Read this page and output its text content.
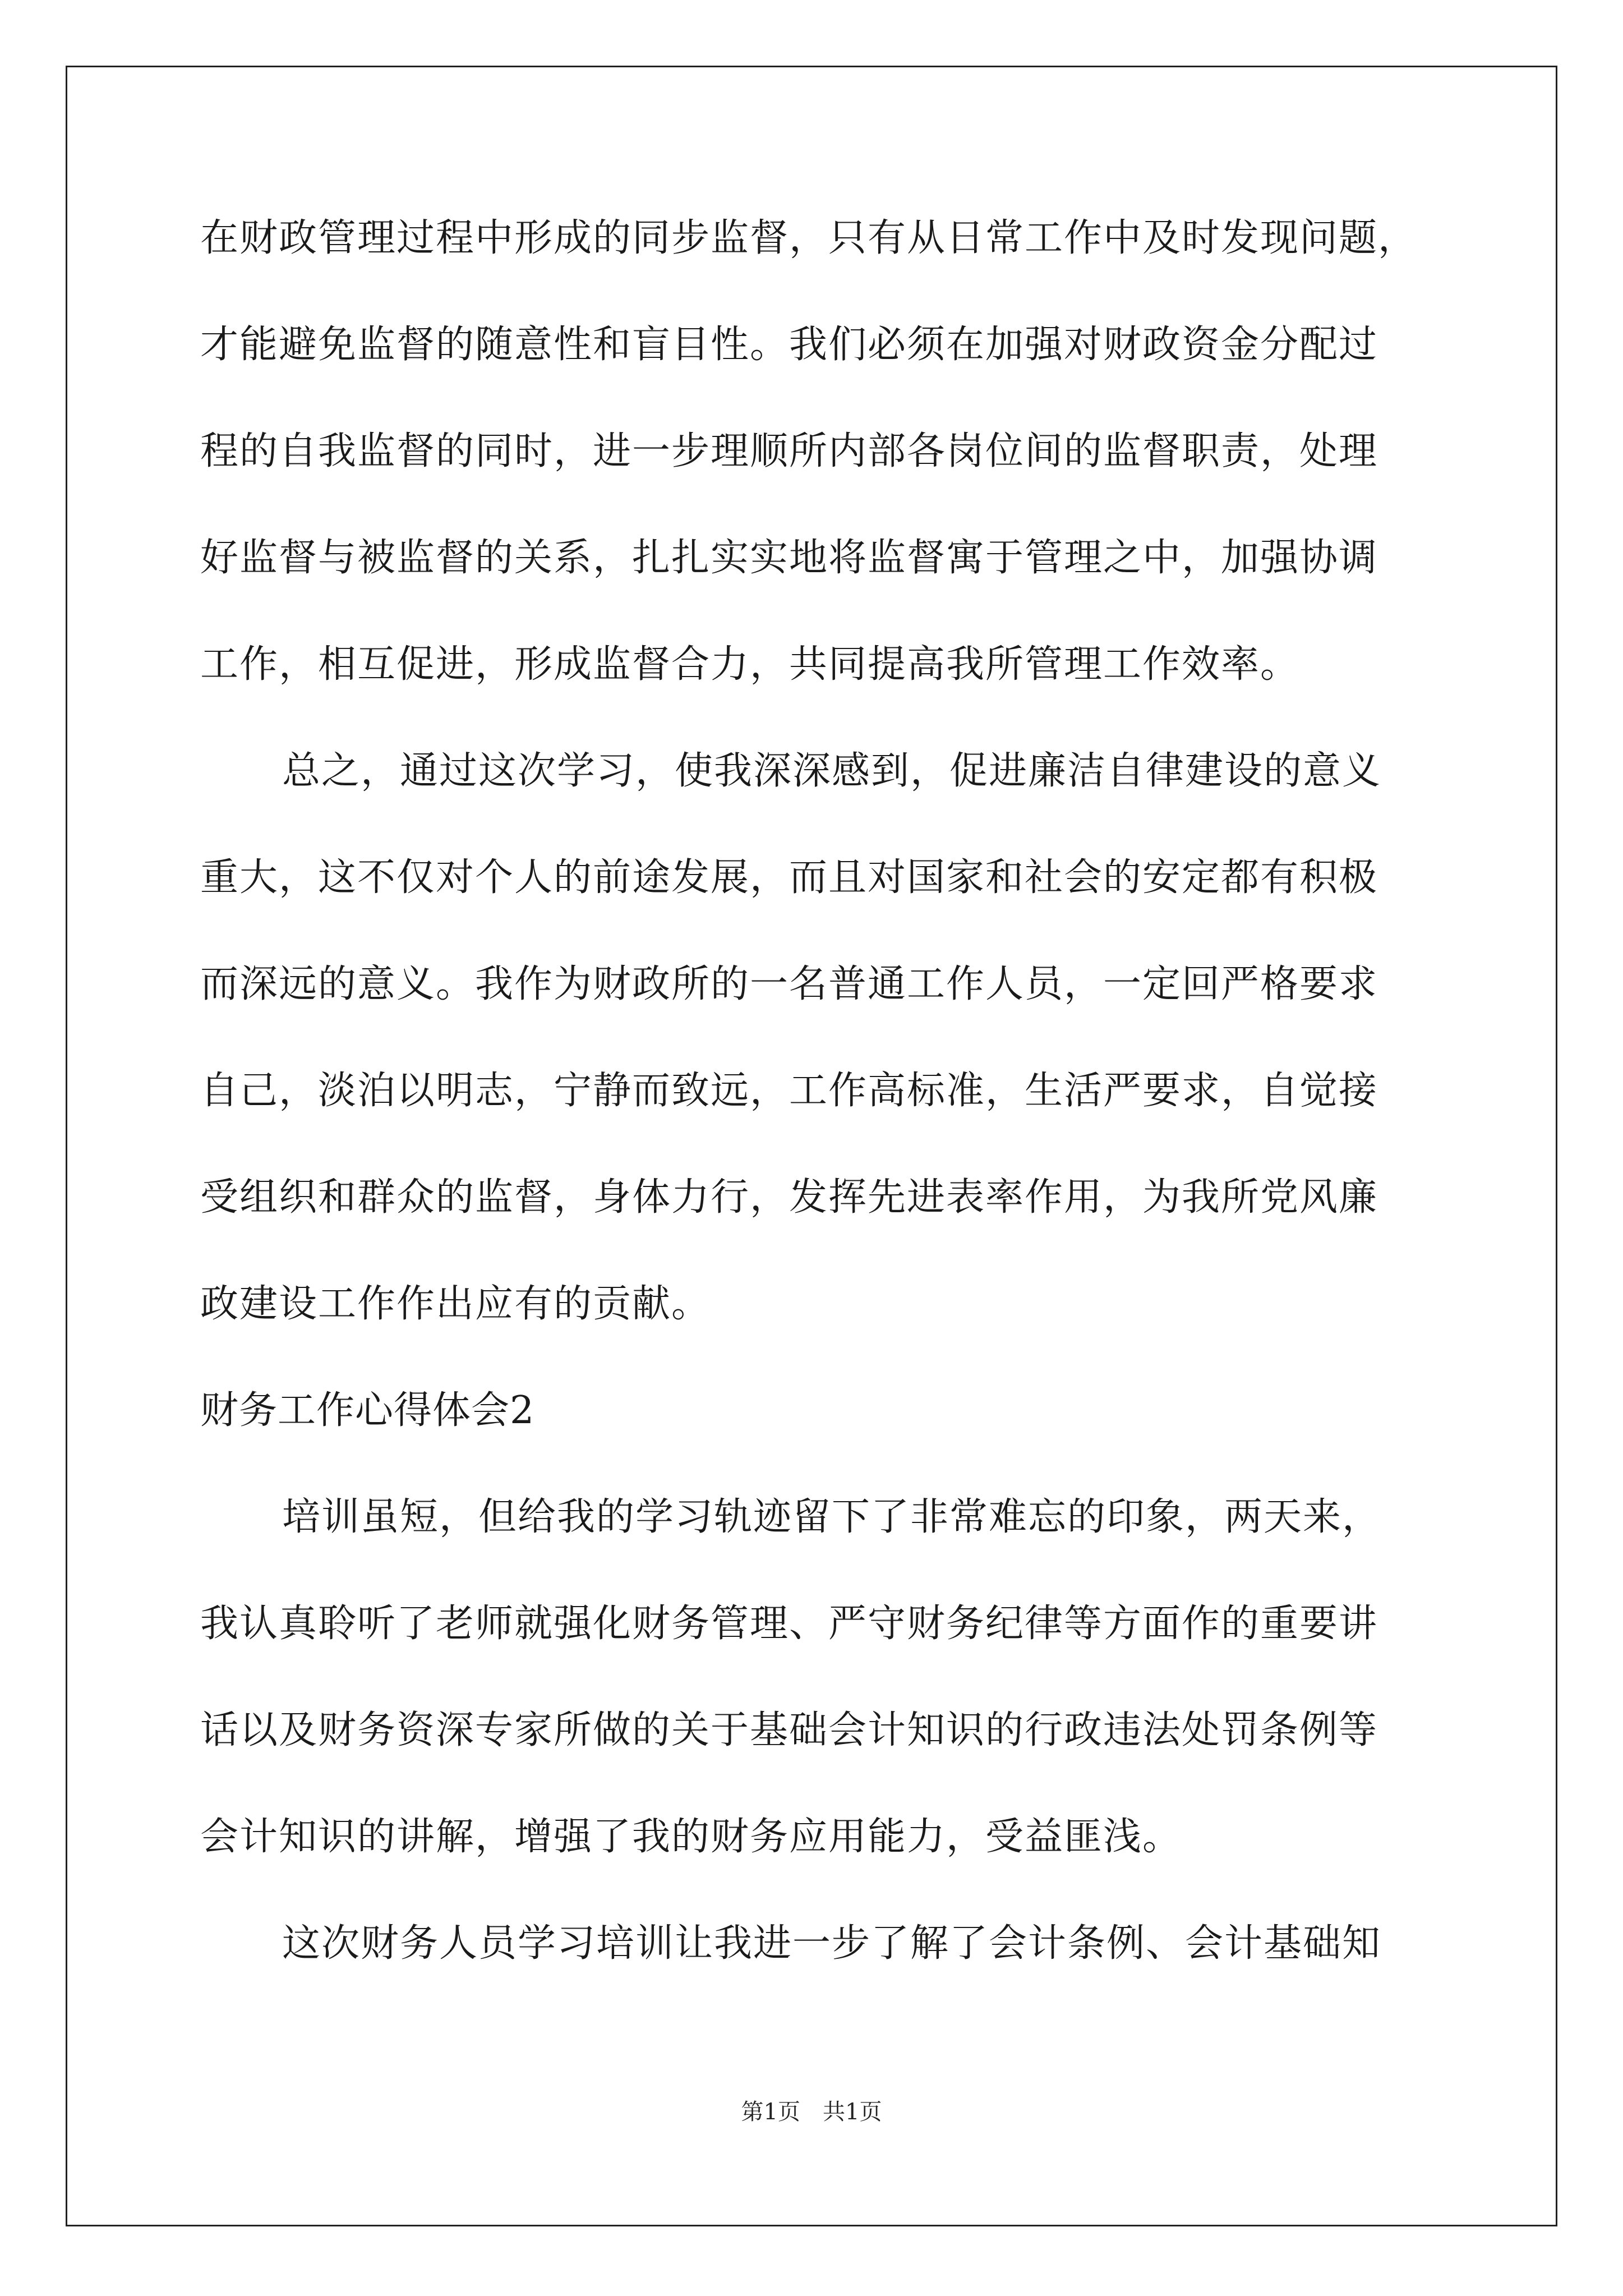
在财政管理过程中形成的同步监督，只有从日常工作中及时发现问题，
才能避免监督的随意性和盲目性。我们必须在加强对财政资金分配过
程的自我监督的同时，进一步理顺所内部各岗位间的监督职责，处理
好监督与被监督的关系，扎扎实实地将监督寓于管理之中，加强协调
工作，相互促进，形成监督合力，共同提高我所管理工作效率。
总之，通过这次学习，使我深深感到，促进廉洁自律建设的意义
重大，这不仅对个人的前途发展，而且对国家和社会的安定都有积极
而深远的意义。我作为财政所的一名普通工作人员，一定回严格要求
自己，淡泊以明志，宁静而致远，工作高标准，生活严要求，自觉接
受组织和群众的监督，身体力行，发挥先进表率作用，为我所党风廉
政建设工作作出应有的贡献。
财务工作心得体会2
培训虽短，但给我的学习轨迹留下了非常难忘的印象，两天来，
我认真聆听了老师就强化财务管理、严守财务纪律等方面作的重要讲
话以及财务资深专家所做的关于基础会计知识的行政违法处罚条例等
会计知识的讲解，增强了我的财务应用能力，受益匪浅。
这次财务人员学习培训让我进一步了解了会计条例、会计基础知
第1页　共1页
